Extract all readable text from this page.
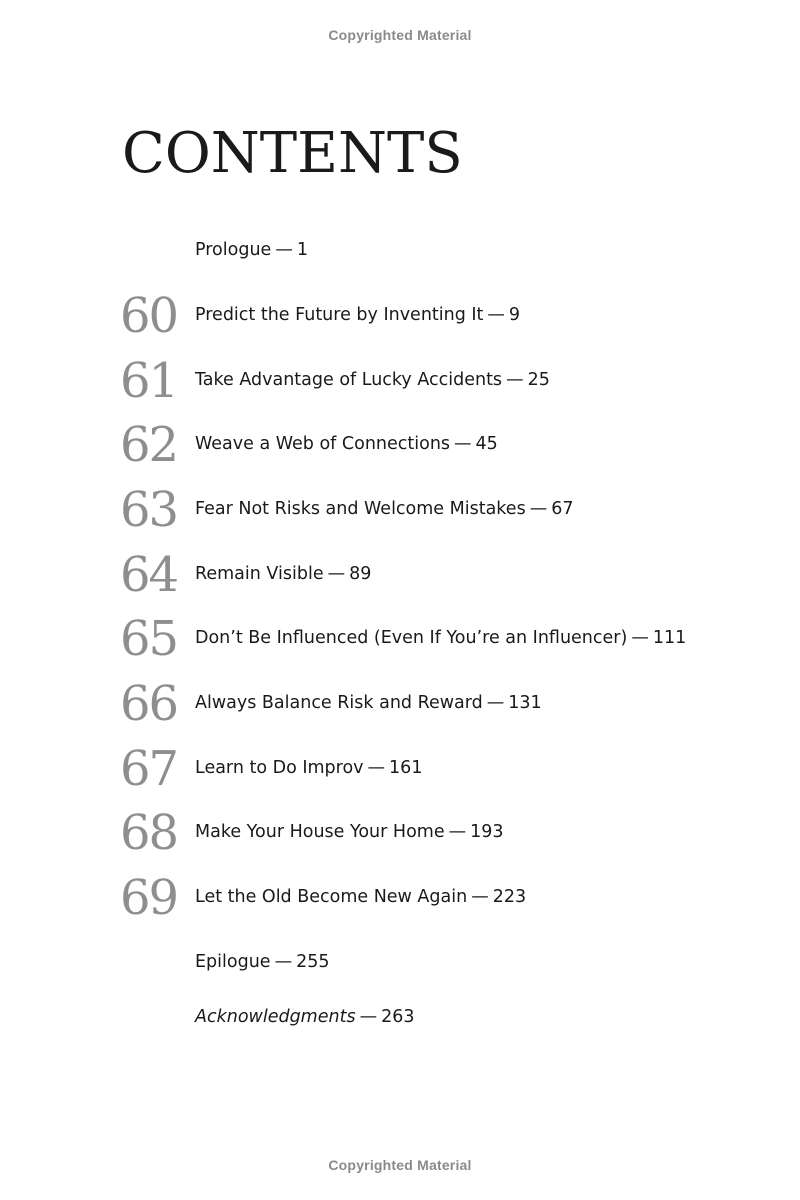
Copyrighted Material
CONTENTS
Prologue — 1
60	Predict the Future by Inventing It — 9
61	Take Advantage of Lucky Accidents — 25
62	Weave a Web of Connections — 45
63	Fear Not Risks and Welcome Mistakes — 67
64	Remain Visible — 89
65	Don’t Be Influenced (Even If You’re an Influencer) — 111
66	Always Balance Risk and Reward — 131
67	Learn to Do Improv — 161
68	Make Your House Your Home — 193
69	Let the Old Become New Again — 223
Epilogue — 255
Acknowledgments — 263
Copyrighted Material
